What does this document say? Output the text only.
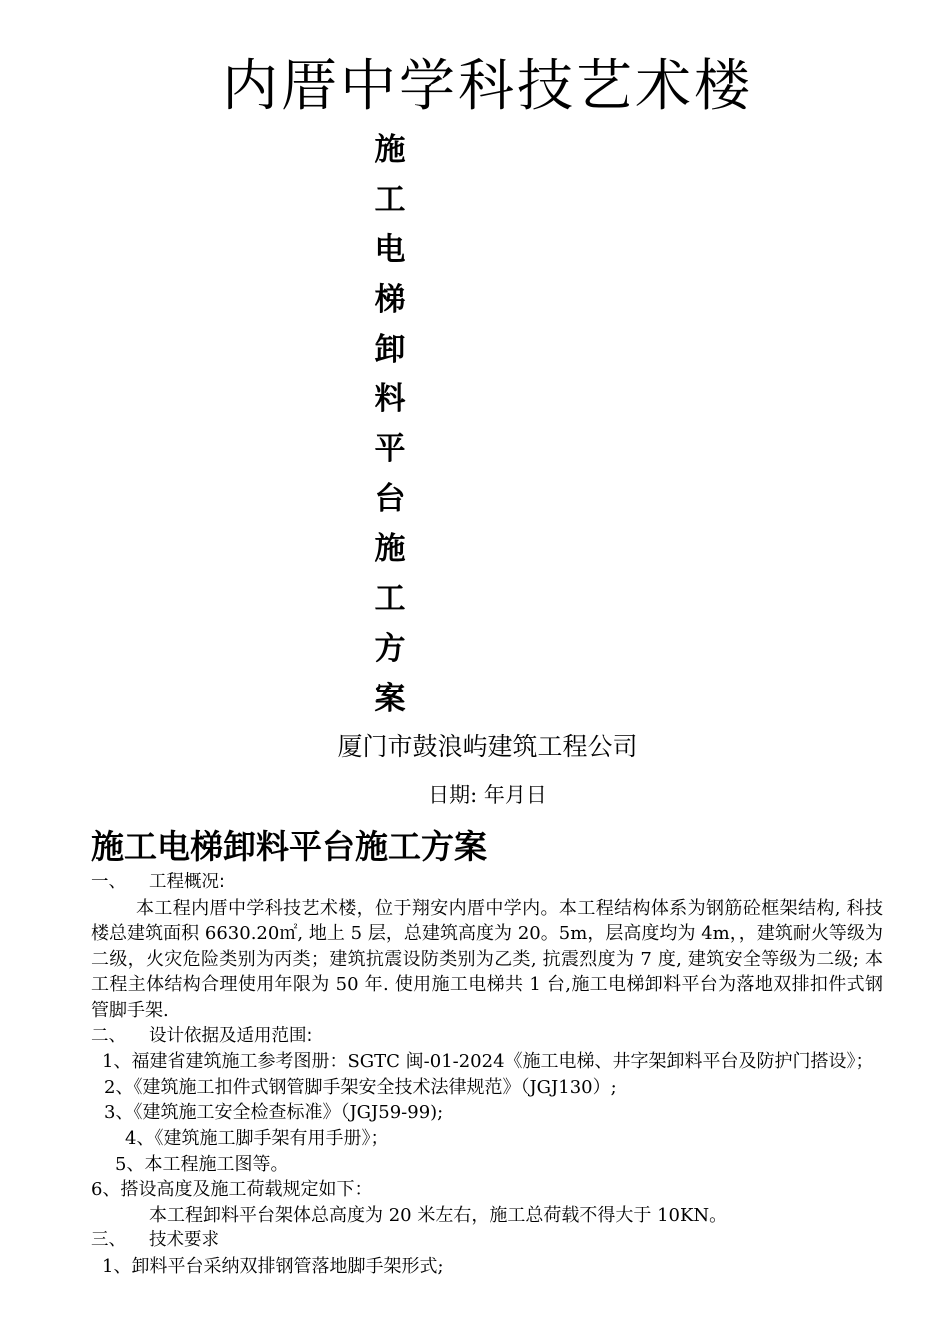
内厝中学科技艺术楼
施
工
电
梯
卸
料
平
台
施
工
方
案
厦门市鼓浪屿建筑工程公司
日期: 年月日
施工电梯卸料平台施工方案

一、 工程概况:

本工程内厝中学科技艺术楼，位于翔安内厝中学内。本工程结构体系为钢筋砼框架结构, 科技楼总建筑面积 6630.20㎡, 地上 5 层，总建筑高度为 20。5m，层高度均为 4m，，建筑耐火等级为二级，火灾危险类别为丙类；建筑抗震设防类别为乙类, 抗震烈度为 7 度, 建筑安全等级为二级; 本工程主体结构合理使用年限为 50 年. 使用施工电梯共 1 台,施工电梯卸料平台为落地双排扣件式钢管脚手架.

二、 设计依据及适用范围:

1、福建省建筑施工参考图册：SGTC 闽-01-2024《施工电梯、井字架卸料平台及防护门搭设》；

2、《建筑施工扣件式钢管脚手架安全技术法律规范》（JGJ130）;

3、《建筑施工安全检查标准》（JGJ59-99);

4、《建筑施工脚手架有用手册》；

5、本工程施工图等。

6、搭设高度及施工荷载规定如下：

本工程卸料平台架体总高度为 20 米左右，施工总荷载不得大于 10KN。

三、 技术要求

1、卸料平台采纳双排钢管落地脚手架形式;
